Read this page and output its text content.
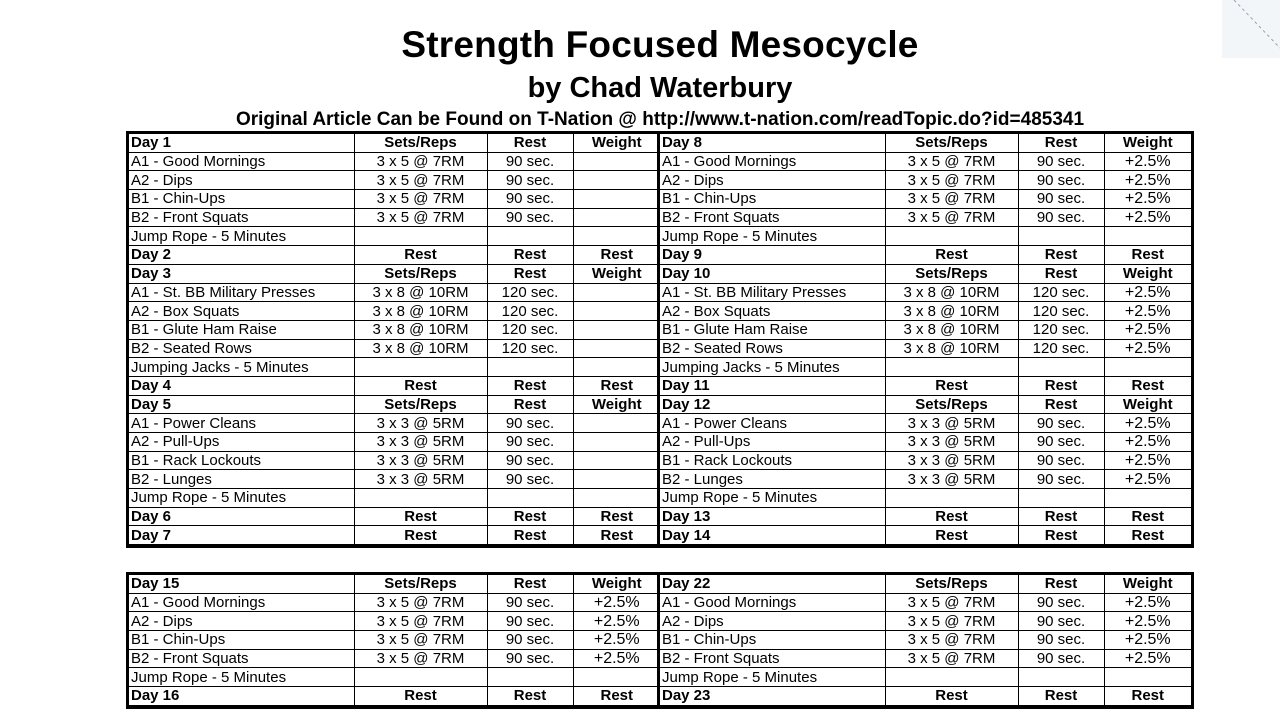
Strength Focused Mesocycle
by Chad Waterbury
Original Article Can be Found on T-Nation @ http://www.t-nation.com/readTopic.do?id=485341
Day 1	Sets/Reps	Rest	Weight
A1 - Good Mornings	3 x 5 @ 7RM	90 sec.	
A2 - Dips	3 x 5 @ 7RM	90 sec.	
B1 - Chin-Ups	3 x 5 @ 7RM	90 sec.	
B2 - Front Squats	3 x 5 @ 7RM	90 sec.	
Jump Rope - 5 Minutes			
Day 2	Rest	Rest	Rest
Day 3	Sets/Reps	Rest	Weight
A1 - St. BB Military Presses	3 x 8 @ 10RM	120 sec.	
A2 - Box Squats	3 x 8 @ 10RM	120 sec.	
B1 - Glute Ham Raise	3 x 8 @ 10RM	120 sec.	
B2 - Seated Rows	3 x 8 @ 10RM	120 sec.	
Jumping Jacks - 5 Minutes			
Day 4	Rest	Rest	Rest
Day 5	Sets/Reps	Rest	Weight
A1 - Power Cleans	3 x 3 @ 5RM	90 sec.	
A2 - Pull-Ups	3 x 3 @ 5RM	90 sec.	
B1 - Rack Lockouts	3 x 3 @ 5RM	90 sec.	
B2 - Lunges	3 x 3 @ 5RM	90 sec.	
Jump Rope - 5 Minutes			
Day 6	Rest	Rest	Rest
Day 7	Rest	Rest	Rest
Day 8	Sets/Reps	Rest	Weight
A1 - Good Mornings	3 x 5 @ 7RM	90 sec.	+2.5%
A2 - Dips	3 x 5 @ 7RM	90 sec.	+2.5%
B1 - Chin-Ups	3 x 5 @ 7RM	90 sec.	+2.5%
B2 - Front Squats	3 x 5 @ 7RM	90 sec.	+2.5%
Jump Rope - 5 Minutes			
Day 9	Rest	Rest	Rest
Day 10	Sets/Reps	Rest	Weight
A1 - St. BB Military Presses	3 x 8 @ 10RM	120 sec.	+2.5%
A2 - Box Squats	3 x 8 @ 10RM	120 sec.	+2.5%
B1 - Glute Ham Raise	3 x 8 @ 10RM	120 sec.	+2.5%
B2 - Seated Rows	3 x 8 @ 10RM	120 sec.	+2.5%
Jumping Jacks - 5 Minutes			
Day 11	Rest	Rest	Rest
Day 12	Sets/Reps	Rest	Weight
A1 - Power Cleans	3 x 3 @ 5RM	90 sec.	+2.5%
A2 - Pull-Ups	3 x 3 @ 5RM	90 sec.	+2.5%
B1 - Rack Lockouts	3 x 3 @ 5RM	90 sec.	+2.5%
B2 - Lunges	3 x 3 @ 5RM	90 sec.	+2.5%
Jump Rope - 5 Minutes			
Day 13	Rest	Rest	Rest
Day 14	Rest	Rest	Rest
Day 15	Sets/Reps	Rest	Weight
A1 - Good Mornings	3 x 5 @ 7RM	90 sec.	+2.5%
A2 - Dips	3 x 5 @ 7RM	90 sec.	+2.5%
B1 - Chin-Ups	3 x 5 @ 7RM	90 sec.	+2.5%
B2 - Front Squats	3 x 5 @ 7RM	90 sec.	+2.5%
Jump Rope - 5 Minutes			
Day 16	Rest	Rest	Rest
Day 22	Sets/Reps	Rest	Weight
A1 - Good Mornings	3 x 5 @ 7RM	90 sec.	+2.5%
A2 - Dips	3 x 5 @ 7RM	90 sec.	+2.5%
B1 - Chin-Ups	3 x 5 @ 7RM	90 sec.	+2.5%
B2 - Front Squats	3 x 5 @ 7RM	90 sec.	+2.5%
Jump Rope - 5 Minutes			
Day 23	Rest	Rest	Rest
